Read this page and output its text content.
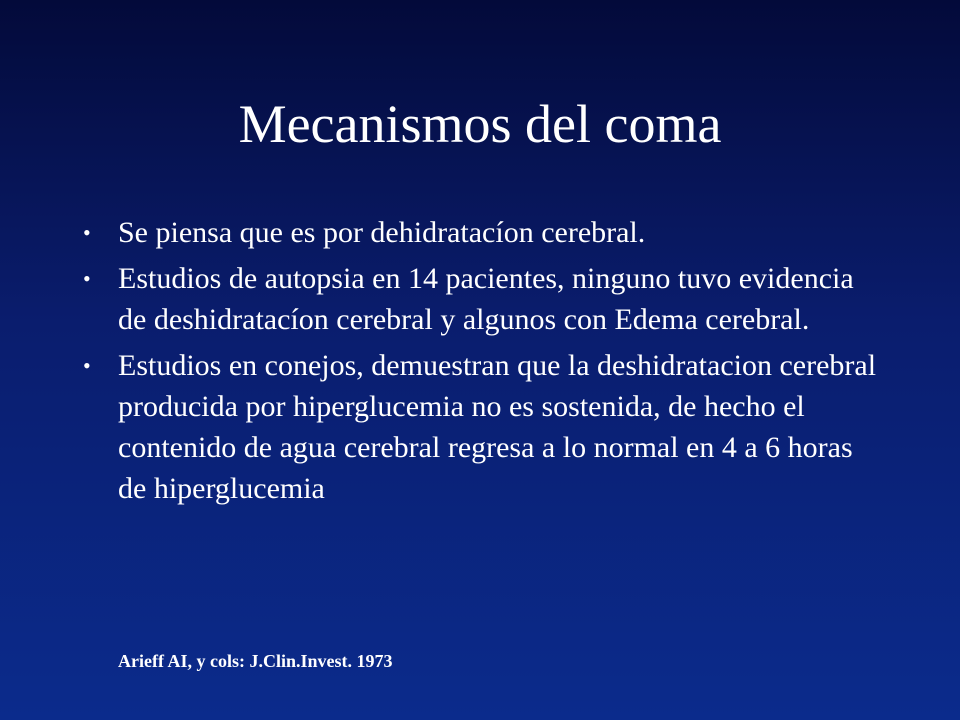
Mecanismos del coma
• Se piensa que es por dehidratacíon cerebral.
• Estudios de autopsia en 14 pacientes, ninguno tuvo evidencia de deshidratacíon cerebral y algunos con Edema cerebral.
• Estudios en conejos, demuestran que la deshidratacion cerebral producida por hiperglucemia no es sostenida, de hecho el contenido de agua cerebral regresa a lo normal en 4 a 6 horas de hiperglucemia
Arieff AI, y cols: J.Clin.Invest. 1973
